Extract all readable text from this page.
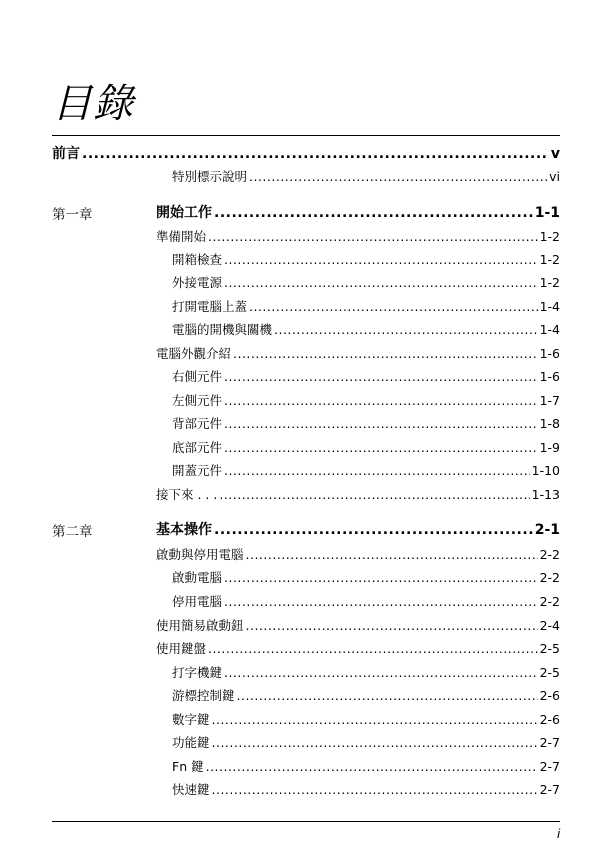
目錄
前言 .....	v
特別標示說明 .....	vi
第一章	開始工作 .....	1-1
準備開始 .....	1-2
開箱檢查 .....	1-2
外接電源 .....	1-2
打開電腦上蓋 .....	1-4
電腦的開機與關機 .....	1-4
電腦外觀介紹 .....	1-6
右側元件 .....	1-6
左側元件 .....	1-7
背部元件 .....	1-8
底部元件 .....	1-9
開蓋元件 .....	1-10
接下來 . . . .....	1-13
第二章	基本操作 .....	2-1
啟動與停用電腦 .....	2-2
啟動電腦 .....	2-2
停用電腦 .....	2-2
使用簡易啟動鈕 .....	2-4
使用鍵盤 .....	2-5
打字機鍵 .....	2-5
游標控制鍵 .....	2-6
數字鍵 .....	2-6
功能鍵 .....	2-7
Fn 鍵 .....	2-7
快速鍵 .....	2-7
i
